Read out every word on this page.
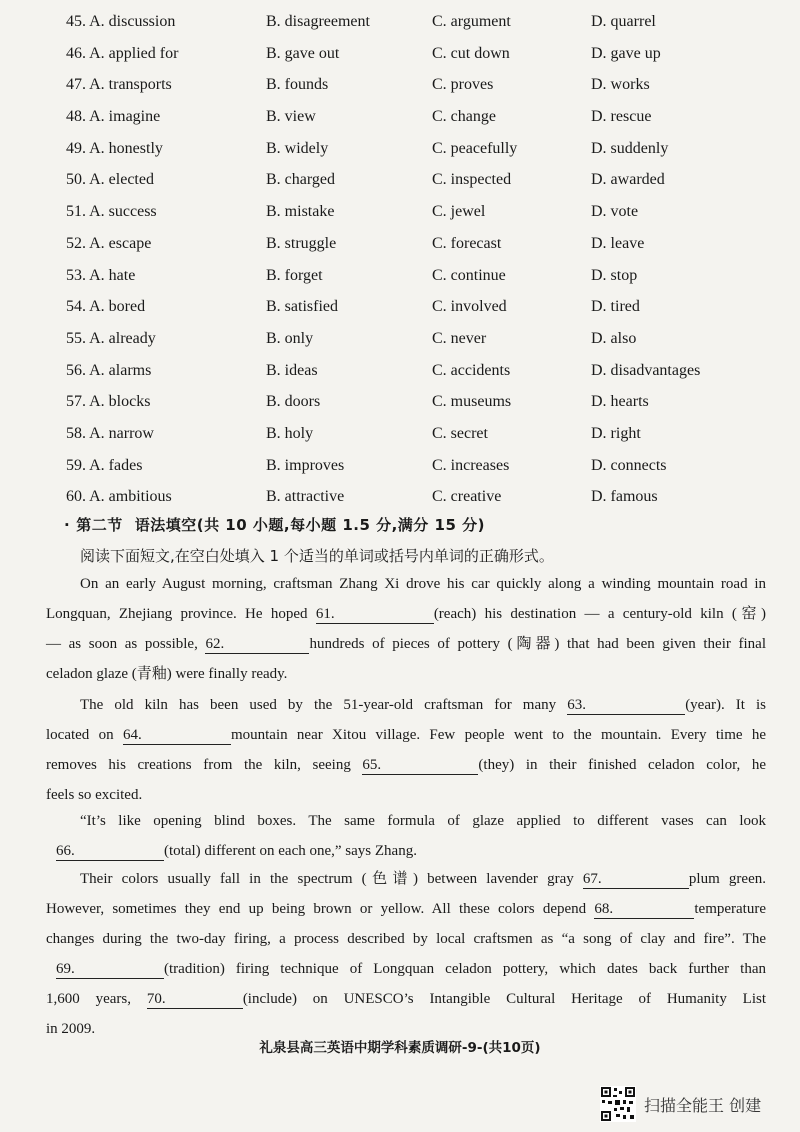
45. A. discussion	B. disagreement	C. argument	D. quarrel
46. A. applied for	B. gave out	C. cut down	D. gave up
47. A. transports	B. founds	C. proves	D. works
48. A. imagine	B. view	C. change	D. rescue
49. A. honestly	B. widely	C. peacefully	D. suddenly
50. A. elected	B. charged	C. inspected	D. awarded
51. A. success	B. mistake	C. jewel	D. vote
52. A. escape	B. struggle	C. forecast	D. leave
53. A. hate	B. forget	C. continue	D. stop
54. A. bored	B. satisfied	C. involved	D. tired
55. A. already	B. only	C. never	D. also
56. A. alarms	B. ideas	C. accidents	D. disadvantages
57. A. blocks	B. doors	C. museums	D. hearts
58. A. narrow	B. holy	C. secret	D. right
59. A. fades	B. improves	C. increases	D. connects
60. A. ambitious	B. attractive	C. creative	D. famous
· 第二节 语法填空(共 10 小题,每小题 1.5 分,满分 15 分)
阅读下面短文,在空白处填入 1 个适当的单词或括号内单词的正确形式。
On an early August morning, craftsman Zhang Xi drove his car quickly along a winding mountain road in
Longquan, Zhejiang province. He hoped 61.	(reach) his destination — a century-old kiln (窑)
— as soon as possible, 62.	hundreds of pieces of pottery (陶器) that had been given their final
celadon glaze (青釉) were finally ready.
The old kiln has been used by the 51-year-old craftsman for many 63.	(year). It is
located on 64.	mountain near Xitou village. Few people went to the mountain. Every time he
removes his creations from the kiln, seeing 65.	(they) in their finished celadon color, he
feels so excited.
“It’s like opening blind boxes. The same formula of glaze applied to different vases can look
66.	(total) different on each one,” says Zhang.
Their colors usually fall in the spectrum (色谱) between lavender gray 67.	plum green.
However, sometimes they end up being brown or yellow. All these colors depend 68.	temperature
changes during the two-day firing, a process described by local craftsmen as “a song of clay and fire”. The
69.	(tradition) firing technique of Longquan celadon pottery, which dates back further than
1,600 years, 70.	(include) on UNESCO’s Intangible Cultural Heritage of Humanity List
in 2009.
礼泉县高三英语中期学科素质调研-9-(共10页)
扫描全能王 创建
